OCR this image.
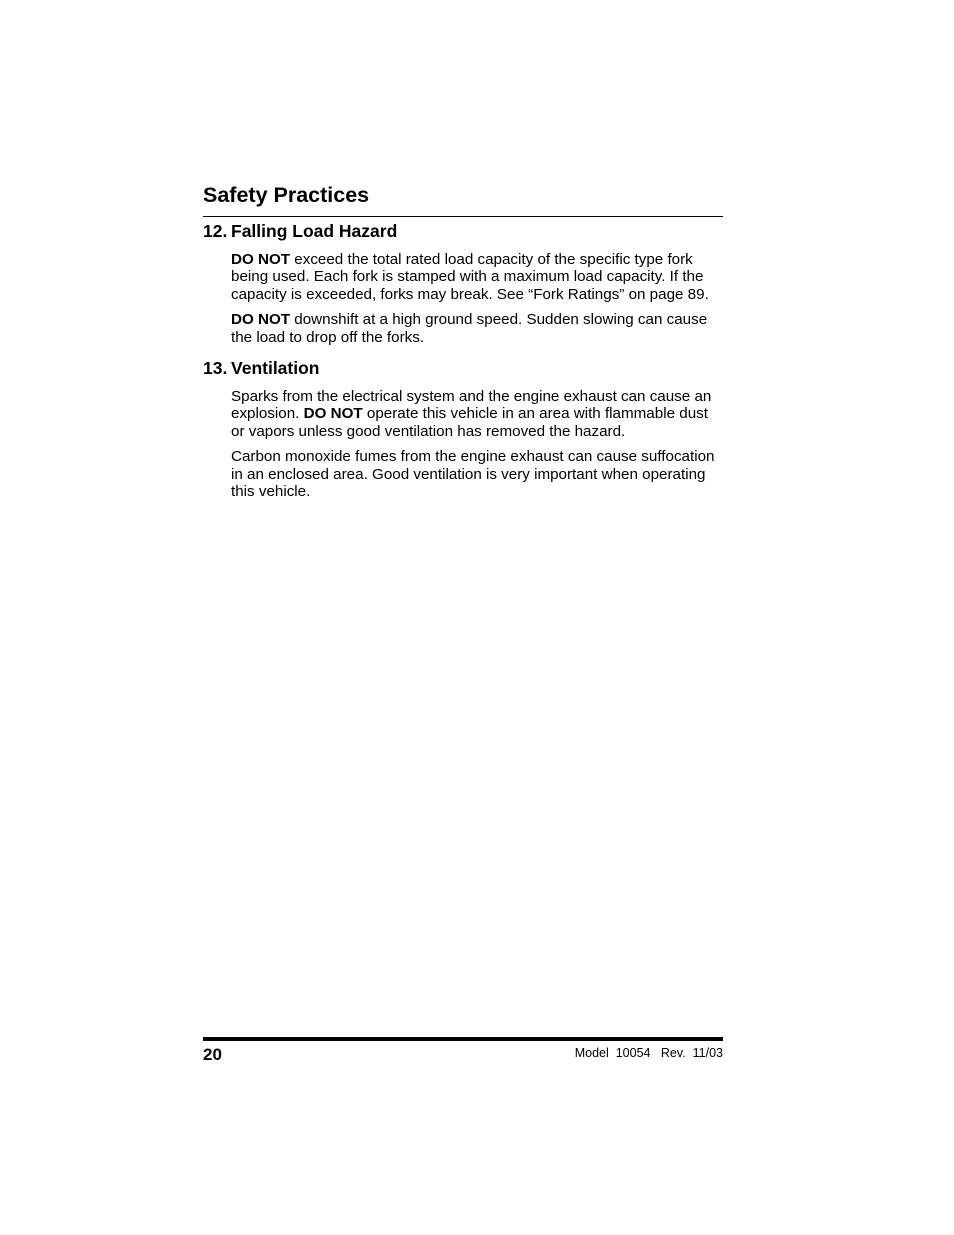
Safety Practices
12. Falling Load Hazard

DO NOT exceed the total rated load capacity of the specific type fork being used. Each fork is stamped with a maximum load capacity. If the capacity is exceeded, forks may break. See “Fork Ratings” on page 89.

DO NOT downshift at a high ground speed. Sudden slowing can cause the load to drop off the forks.

13. Ventilation

Sparks from the electrical system and the engine exhaust can cause an explosion. DO NOT operate this vehicle in an area with flammable dust or vapors unless good ventilation has removed the hazard.

Carbon monoxide fumes from the engine exhaust can cause suffocation in an enclosed area. Good ventilation is very important when operating this vehicle.

20	Model 10054 Rev. 11/03
